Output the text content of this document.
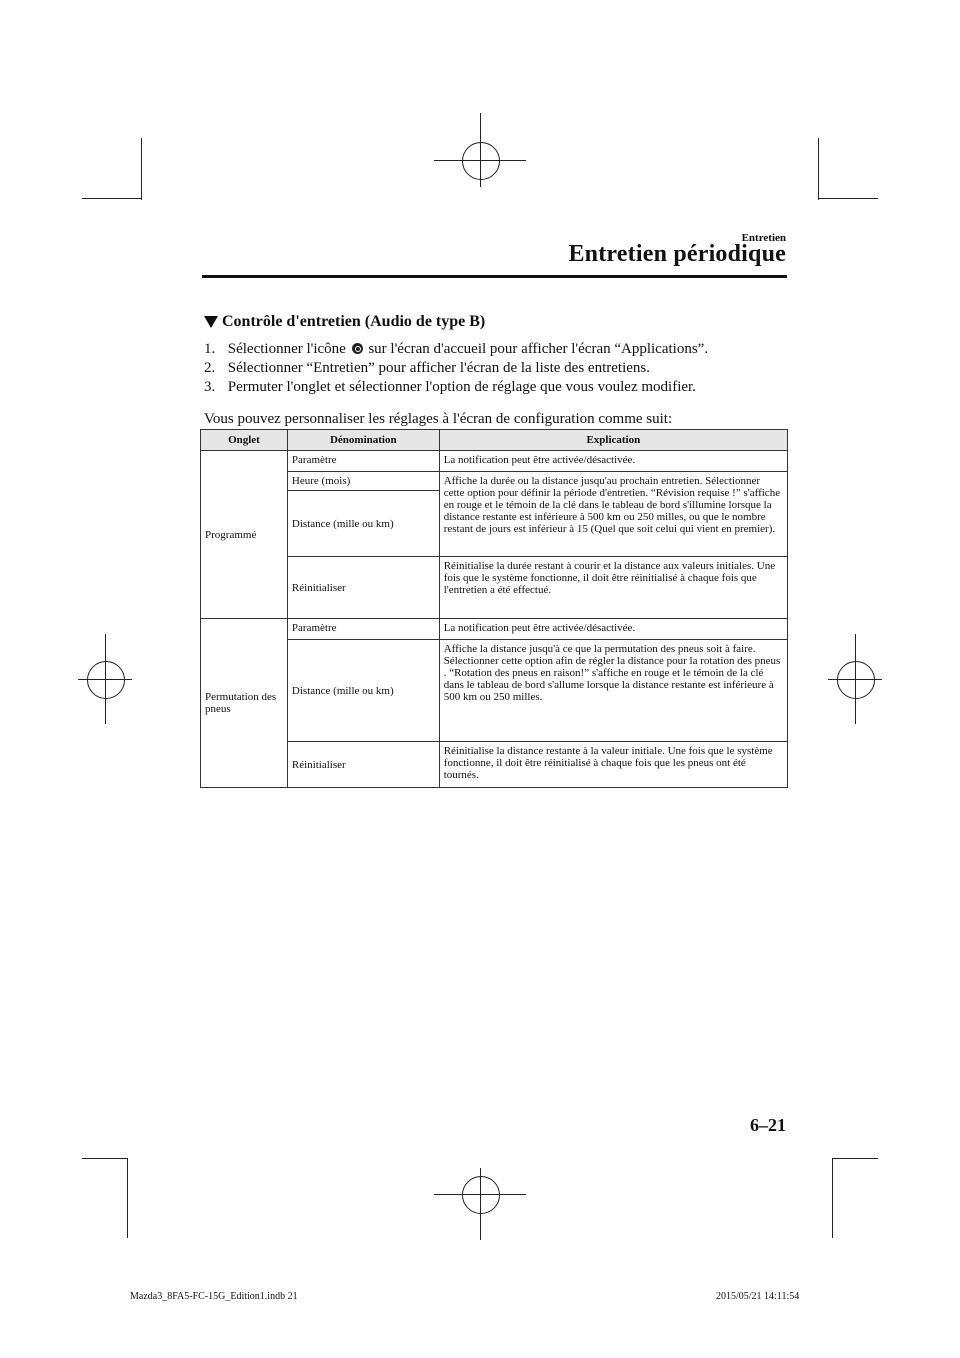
Entretien
Entretien périodique
Contrôle d'entretien (Audio de type B)
1. Sélectionner l'icône sur l'écran d'accueil pour afficher l'écran “Applications”.
2. Sélectionner “Entretien” pour afficher l'écran de la liste des entretiens.
3. Permuter l'onglet et sélectionner l'option de réglage que vous voulez modifier.
Vous pouvez personnaliser les réglages à l'écran de configuration comme suit:
Onglet	Dénomination	Explication
Programmé	Paramètre	La notification peut être activée/désactivée.
	Heure (mois)	Affiche la durée ou la distance jusqu'au prochain entretien. Sélectionner cette option pour définir la période d'entretien. “Révision requise !” s'affiche en rouge et le témoin de la clé dans le tableau de bord s'illumine lorsque la distance restante est inférieure à 500 km ou 250 milles, ou que le nombre restant de jours est inférieur à 15 (Quel que soit celui qui vient en premier).
	Distance (mille ou km)	
	Réinitialiser	Réinitialise la durée restant à courir et la distance aux valeurs initiales. Une fois que le système fonctionne, il doit être réinitialisé à chaque fois que l'entretien a été effectué.
Permutation des pneus	Paramètre	La notification peut être activée/désactivée.
	Distance (mille ou km)	Affiche la distance jusqu'à ce que la permutation des pneus soit à faire. Sélectionner cette option afin de régler la distance pour la rotation des pneus . “Rotation des pneus en raison!” s'affiche en rouge et le témoin de la clé dans le tableau de bord s'allume lorsque la distance restante est inférieure à 500 km ou 250 milles.
	Réinitialiser	Réinitialise la distance restante à la valeur initiale. Une fois que le système fonctionne, il doit être réinitialisé à chaque fois que les pneus ont été tournés.
6–21
Mazda3_8FA5-FC-15G_Edition1.indb 21	2015/05/21 14:11:54
